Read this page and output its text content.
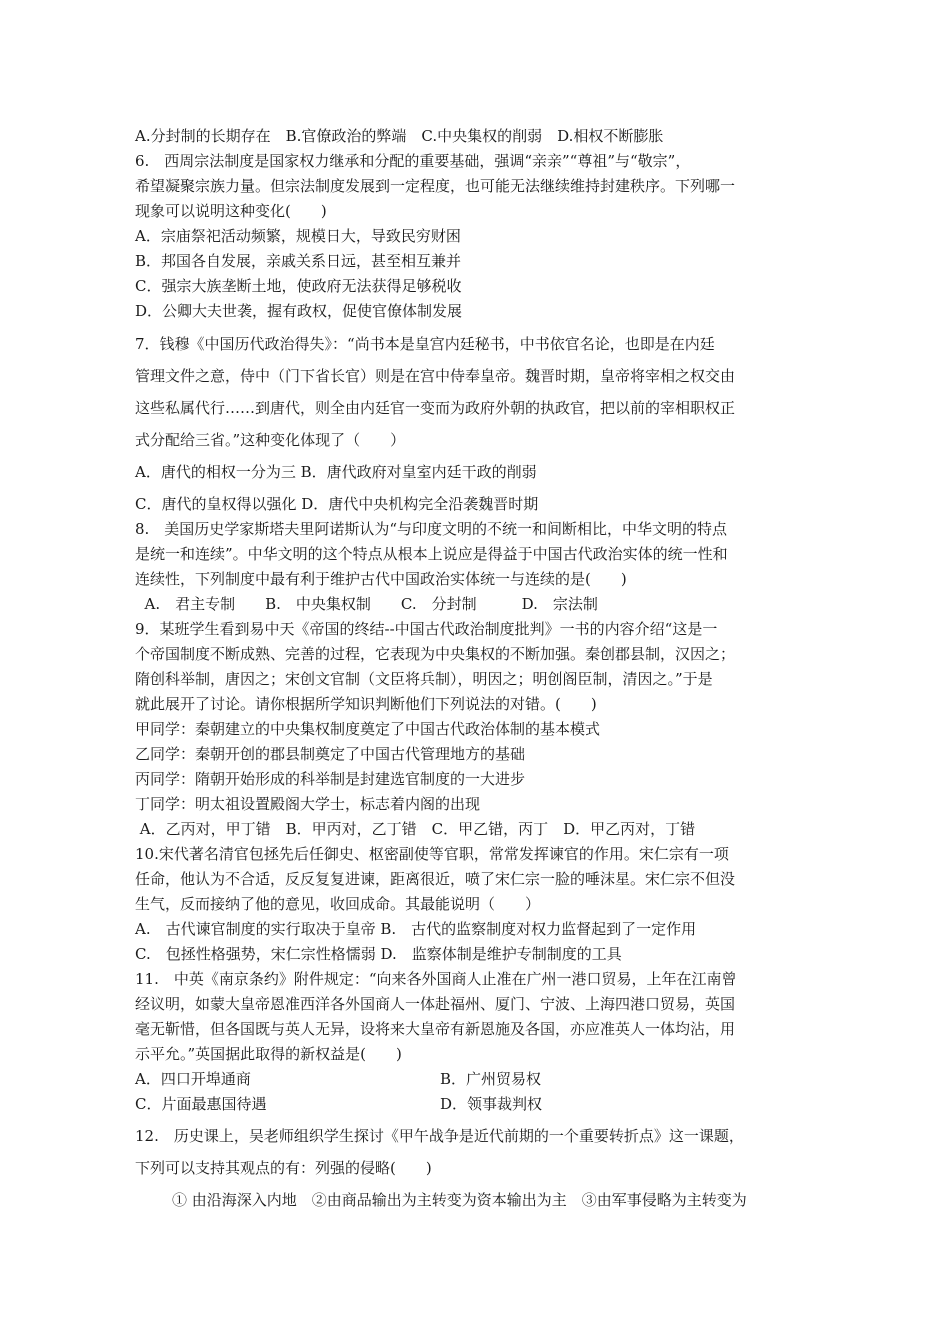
A.分封制的长期存在　B.官僚政治的弊端　C.中央集权的削弱　D.相权不断膨胀
6.　西周宗法制度是国家权力继承和分配的重要基础，强调“亲亲”“尊祖”与“敬宗”，
希望凝聚宗族力量。但宗法制度发展到一定程度，也可能无法继续维持封建秩序。下列哪一
现象可以说明这种变化(　　)
A．宗庙祭祀活动频繁，规模日大，导致民穷财困
B．邦国各自发展，亲戚关系日远，甚至相互兼并
C．强宗大族垄断土地，使政府无法获得足够税收
D．公卿大夫世袭，握有政权，促使官僚体制发展
7．钱穆《中国历代政治得失》：“尚书本是皇宫内廷秘书，中书依官名论，也即是在内廷
管理文件之意，侍中（门下省长官）则是在宫中侍奉皇帝。魏晋时期，皇帝将宰相之权交由
这些私属代行……到唐代，则全由内廷官一变而为政府外朝的执政官，把以前的宰相职权正
式分配给三省。”这种变化体现了（　　）
A．唐代的相权一分为三 B．唐代政府对皇室内廷干政的削弱
C．唐代的皇权得以强化 D．唐代中央机构完全沿袭魏晋时期
8.　美国历史学家斯塔夫里阿诺斯认为“与印度文明的不统一和间断相比，中华文明的特点
是统一和连续”。中华文明的这个特点从根本上说应是得益于中国古代政治实体的统一性和
连续性，下列制度中最有利于维护古代中国政治实体统一与连续的是(　　)
A.　君主专制　　B.　中央集权制　　C.　分封制　　　D.　宗法制
9．某班学生看到易中天《帝国的终结--中国古代政治制度批判》一书的内容介绍“这是一
个帝国制度不断成熟、完善的过程，它表现为中央集权的不断加强。秦创郡县制，汉因之；
隋创科举制，唐因之；宋创文官制（文臣将兵制），明因之；明创阁臣制，清因之。”于是
就此展开了讨论。请你根据所学知识判断他们下列说法的对错。(　　)
甲同学：秦朝建立的中央集权制度奠定了中国古代政治体制的基本模式
乙同学：秦朝开创的郡县制奠定了中国古代管理地方的基础
丙同学：隋朝开始形成的科举制是封建选官制度的一大进步
丁同学：明太祖设置殿阁大学士，标志着内阁的出现
A．乙丙对，甲丁错　B．甲丙对，乙丁错　C．甲乙错，丙丁　D．甲乙丙对，丁错
10.宋代著名清官包拯先后任御史、枢密副使等官职，常常发挥谏官的作用。宋仁宗有一项
任命，他认为不合适，反反复复进谏，距离很近，喷了宋仁宗一脸的唾沫星。宋仁宗不但没
生气，反而接纳了他的意见，收回成命。其最能说明（　　）
A.　古代谏官制度的实行取决于皇帝 B.　古代的监察制度对权力监督起到了一定作用
C.　包拯性格强势，宋仁宗性格懦弱 D.　监察体制是维护专制制度的工具
11.　中英《南京条约》附件规定：“向来各外国商人止准在广州一港口贸易，上年在江南曾
经议明，如蒙大皇帝恩准西洋各外国商人一体赴福州、厦门、宁波、上海四港口贸易，英国
毫无靳惜，但各国既与英人无异，设将来大皇帝有新恩施及各国，亦应准英人一体均沾，用
示平允。”英国据此取得的新权益是(　　)
A．四口开埠通商	B．广州贸易权
C．片面最惠国待遇	D．领事裁判权
12.　历史课上，吴老师组织学生探讨《甲午战争是近代前期的一个重要转折点》这一课题，
下列可以支持其观点的有：列强的侵略(　　)
① 由沿海深入内地　②由商品输出为主转变为资本输出为主　③由军事侵略为主转变为
